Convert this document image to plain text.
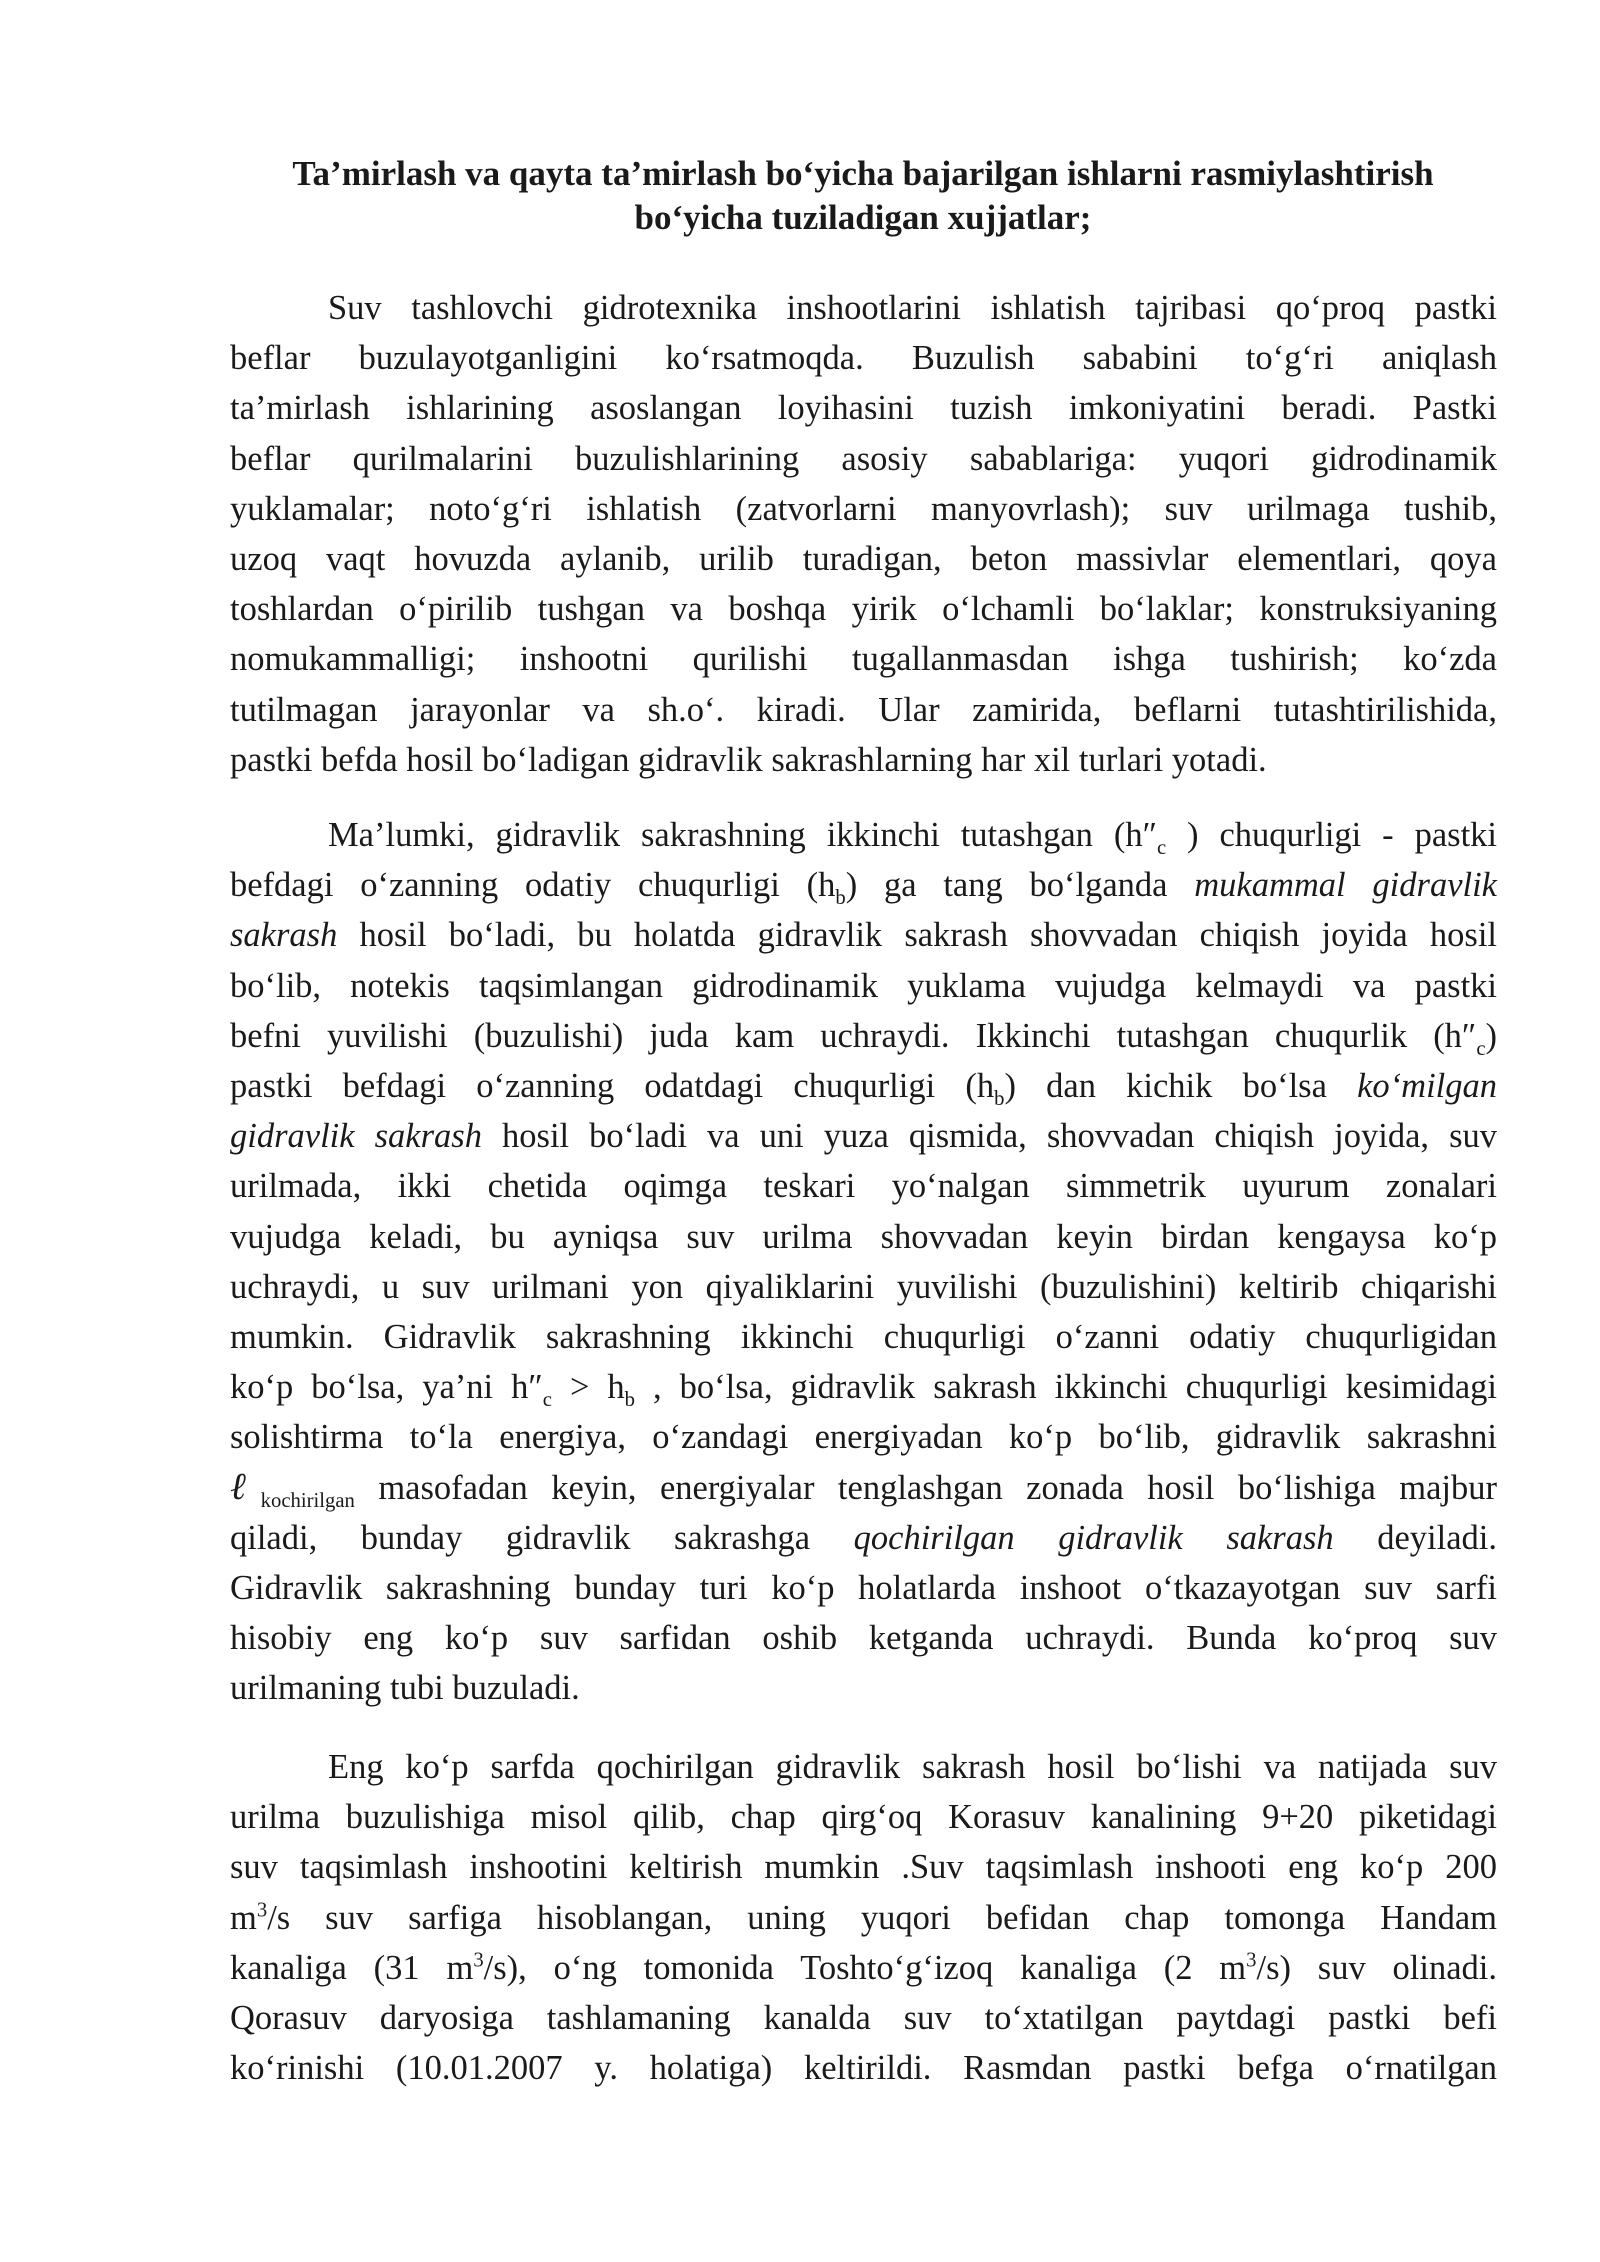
Ta’mirlash va qayta ta’mirlash bo‘yicha bajarilgan ishlarni rasmiylashtirish
bo‘yicha tuziladigan xujjatlar;
Suv tashlovchi gidrotexnika inshootlarini ishlatish tajribasi qo‘proq pastki
beflar buzulayotganligini ko‘rsatmoqda. Buzulish sababini to‘g‘ri aniqlash
ta’mirlash ishlarining asoslangan loyihasini tuzish imkoniyatini beradi. Pastki
beflar qurilmalarini buzulishlarining asosiy sabablariga: yuqori gidrodinamik
yuklamalar; noto‘g‘ri ishlatish (zatvorlarni manyovrlash); suv urilmaga tushib,
uzoq vaqt hovuzda aylanib, urilib turadigan, beton massivlar elementlari, qoya
toshlardan o‘pirilib tushgan va boshqa yirik o‘lchamli bo‘laklar; konstruksiyaning
nomukammalligi; inshootni qurilishi tugallanmasdan ishga tushirish; ko‘zda
tutilmagan jarayonlar va sh.o‘. kiradi. Ular zamirida, beflarni tutashtirilishida,
pastki befda hosil bo‘ladigan gidravlik sakrashlarning har xil turlari yotadi.
Ma’lumki, gidravlik sakrashning ikkinchi tutashgan ($h''_c$ ) chuqurligi - pastki
befdagi o‘zanning odatiy chuqurligi $(h_b)$ ga tang bo‘lganda mukammal gidravlik
sakrash hosil bo‘ladi, bu holatda gidravlik sakrash shovvadan chiqish joyida hosil
bo‘lib, notekis taqsimlangan gidrodinamik yuklama vujudga kelmaydi va pastki
befni yuvilishi (buzulishi) juda kam uchraydi. Ikkinchi tutashgan chuqurlik $(h''_c)$
pastki befdagi o‘zanning odatdagi chuqurligi $(h_b)$ dan kichik bo‘lsa ko‘milgan
gidravlik sakrash hosil bo‘ladi va uni yuza qismida, shovvadan chiqish joyida, suv
urilmada, ikki chetida oqimga teskari yo‘nalgan simmetrik uyurum zonalari
vujudga keladi, bu ayniqsa suv urilma shovvadan keyin birdan kengaysa ko‘p
uchraydi, u suv urilmani yon qiyaliklarini yuvilishi (buzulishini) keltirib chiqarishi
mumkin. Gidravlik sakrashning ikkinchi chuqurligi o‘zanni odatiy chuqurligidan
ko‘p bo‘lsa, ya’ni $h''_c > h_b$ , bo‘lsa, gidravlik sakrash ikkinchi chuqurligi kesimidagi
solishtirma to‘la energiya, o‘zandagi energiyadan ko‘p bo‘lib, gidravlik sakrashni
ℓ$_{kochirilgan}$ masofadan keyin, energiyalar tenglashgan zonada hosil bo‘lishiga majbur
qiladi, bunday gidravlik sakrashga qochirilgan gidravlik sakrash deyiladi.
Gidravlik sakrashning bunday turi ko‘p holatlarda inshoot o‘tkazayotgan suv sarfi
hisobiy eng ko‘p suv sarfidan oshib ketganda uchraydi. Bunda ko‘proq suv
urilmaning tubi buzuladi.
Eng ko‘p sarfda qochirilgan gidravlik sakrash hosil bo‘lishi va natijada suv
urilma buzulishiga misol qilib, chap qirg‘oq Korasuv kanalining 9+20 piketidagi
suv taqsimlash inshootini keltirish mumkin .Suv taqsimlash inshooti eng ko‘p 200
$m^3/s$ suv sarfiga hisoblangan, uning yuqori befidan chap tomonga Handam
kanaliga (31 $m^3/s$), o‘ng tomonida Toshto‘g‘izoq kanaliga (2 $m^3/s$) suv olinadi.
Qorasuv daryosiga tashlamaning kanalda suv to‘xtatilgan paytdagi pastki befi
ko‘rinishi (10.01.2007 y. holatiga) keltirildi. Rasmdan pastki befga o‘rnatilgan
